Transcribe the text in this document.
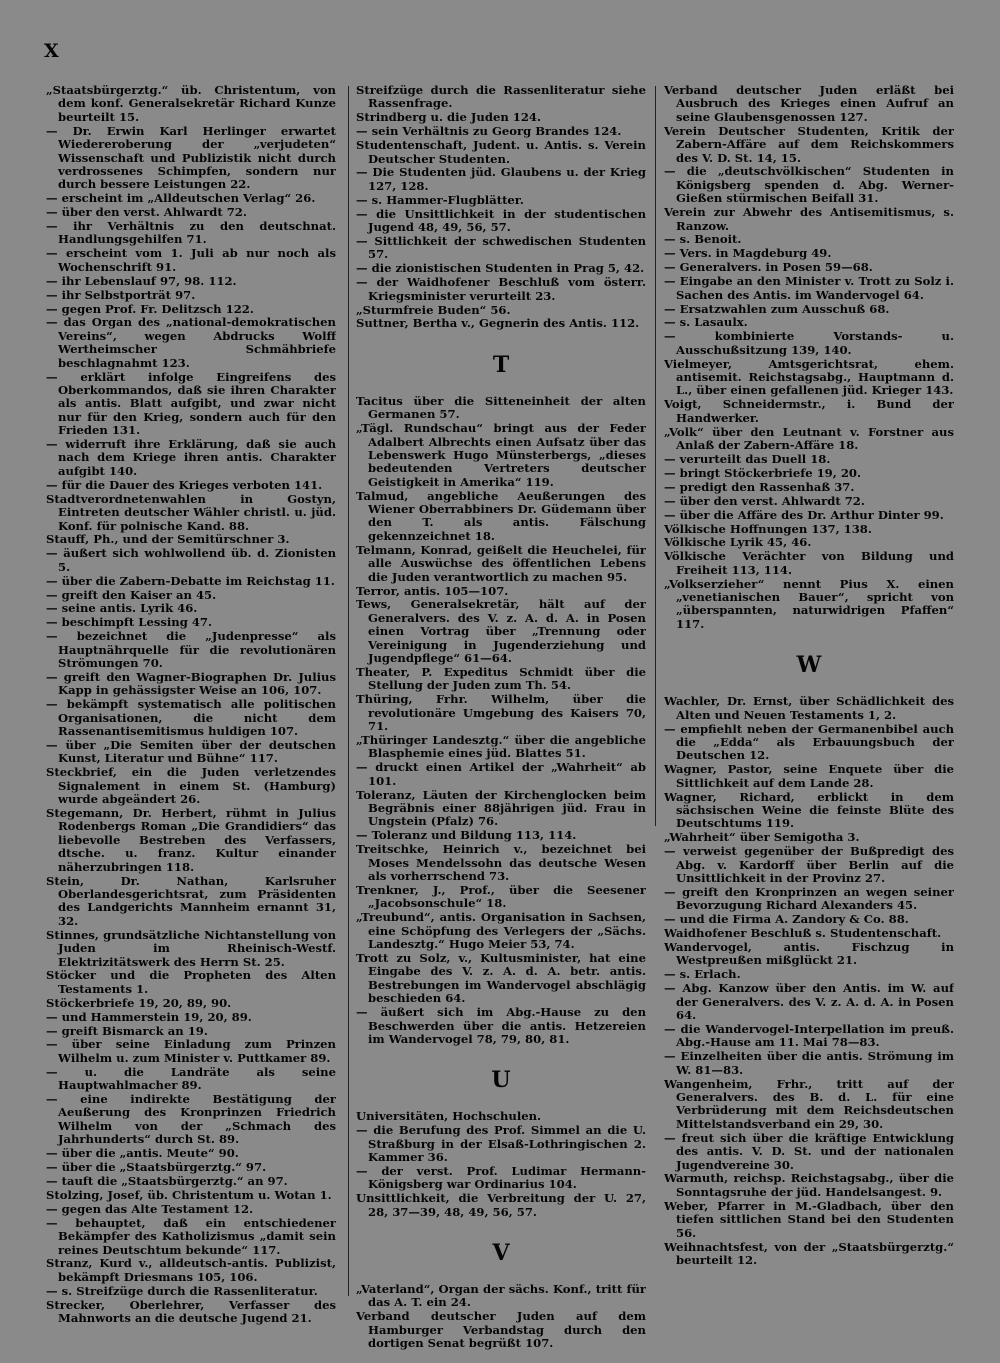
X

„Staatsbürgerztg.“ üb. Christentum, von dem konf. Generalsekretär Richard Kunze beurteilt 15.

— Dr. Erwin Karl Herlinger erwartet Wiedereroberung der „verjudeten“ Wissenschaft und Publizistik nicht durch verdrossenes Schimpfen, sondern nur durch bessere Leistungen 22.

— erscheint im „Alldeutschen Verlag“ 26.

— über den verst. Ahlwardt 72.

— ihr Verhältnis zu den deutschnat. Handlungsgehilfen 71.

— erscheint vom 1. Juli ab nur noch als Wochenschrift 91.

— ihr Lebenslauf 97, 98. 112.

— ihr Selbstporträt 97.

— gegen Prof. Fr. Delitzsch 122.

— das Organ des „national-demokratischen Vereins“, wegen Abdrucks Wolff Wertheimscher Schmähbriefe beschlagnahmt 123.

— erklärt infolge Eingreifens des Oberkommandos, daß sie ihren Charakter als antis. Blatt aufgibt, und zwar nicht nur für den Krieg, sondern auch für den Frieden 131.

— widerruft ihre Erklärung, daß sie auch nach dem Kriege ihren antis. Charakter aufgibt 140.

— für die Dauer des Krieges verboten 141.

Stadtverordnetenwahlen in Gostyn, Eintreten deutscher Wähler christl. u. jüd. Konf. für polnische Kand. 88.

Stauff, Ph., und der Semitürschner 3.

— äußert sich wohlwollend üb. d. Zionisten 5.

— über die Zabern-Debatte im Reichstag 11.

— greift den Kaiser an 45.

— seine antis. Lyrik 46.

— beschimpft Lessing 47.

— bezeichnet die „Judenpresse“ als Hauptnährquelle für die revolutionären Strömungen 70.

— greift den Wagner-Biographen Dr. Julius Kapp in gehässigster Weise an 106, 107.

— bekämpft systematisch alle politischen Organisationen, die nicht dem Rassenantisemitismus huldigen 107.

— über „Die Semiten über der deutschen Kunst, Literatur und Bühne“ 117.

Steckbrief, ein die Juden verletzendes Signalement in einem St. (Hamburg) wurde abgeändert 26.

Stegemann, Dr. Herbert, rühmt in Julius Rodenbergs Roman „Die Grandidiers“ das liebevolle Bestreben des Verfassers, dtsche. u. franz. Kultur einander näherzubringen 118.

Stein, Dr. Nathan, Karlsruher Oberlandesgerichtsrat, zum Präsidenten des Landgerichts Mannheim ernannt 31, 32.

Stinnes, grundsätzliche Nichtanstellung von Juden im Rheinisch-Westf. Elektrizitätswerk des Herrn St. 25.

Stöcker und die Propheten des Alten Testaments 1.

Stöckerbriefe 19, 20, 89, 90.

— und Hammerstein 19, 20, 89.

— greift Bismarck an 19.

— über seine Einladung zum Prinzen Wilhelm u. zum Minister v. Puttkamer 89.

— u. die Landräte als seine Hauptwahlmacher 89.

— eine indirekte Bestätigung der Aeußerung des Kronprinzen Friedrich Wilhelm von der „Schmach des Jahrhunderts“ durch St. 89.

— über die „antis. Meute“ 90.

— über die „Staatsbürgerztg.“ 97.

— tauft die „Staatsbürgerztg.“ an 97.

Stolzing, Josef, üb. Christentum u. Wotan 1.

— gegen das Alte Testament 12.

— behauptet, daß ein entschiedener Bekämpfer des Katholizismus „damit sein reines Deutschtum bekunde“ 117.

Stranz, Kurd v., alldeutsch-antis. Publizist, bekämpft Driesmans 105, 106.

— s. Streifzüge durch die Rassenliteratur.

Strecker, Oberlehrer, Verfasser des Mahnworts an die deutsche Jugend 21.

Streifzüge durch die Rassenliteratur siehe Rassenfrage.

Strindberg u. die Juden 124.

— sein Verhältnis zu Georg Brandes 124.

Studentenschaft, Judent. u. Antis. s. Verein Deutscher Studenten.

— Die Studenten jüd. Glaubens u. der Krieg 127, 128.

— s. Hammer-Flugblätter.

— die Unsittlichkeit in der studentischen Jugend 48, 49, 56, 57.

— Sittlichkeit der schwedischen Studenten 57.

— die zionistischen Studenten in Prag 5, 42.

— der Waidhofener Beschluß vom österr. Kriegsminister verurteilt 23.

„Sturmfreie Buden“ 56.

Suttner, Bertha v., Gegnerin des Antis. 112.

T

Tacitus über die Sitteneinheit der alten Germanen 57.

„Tägl. Rundschau“ bringt aus der Feder Adalbert Albrechts einen Aufsatz über das Lebenswerk Hugo Münsterbergs, „dieses bedeutenden Vertreters deutscher Geistigkeit in Amerika“ 119.

Talmud, angebliche Aeußerungen des Wiener Oberrabbiners Dr. Güdemann über den T. als antis. Fälschung gekennzeichnet 18.

Telmann, Konrad, geißelt die Heuchelei, für alle Auswüchse des öffentlichen Lebens die Juden verantwortlich zu machen 95.

Terror, antis. 105—107.

Tews, Generalsekretär, hält auf der Generalvers. des V. z. A. d. A. in Posen einen Vortrag über „Trennung oder Vereinigung in Jugenderziehung und Jugendpflege“ 61—64.

Theater, P. Expeditus Schmidt über die Stellung der Juden zum Th. 54.

Thüring, Frhr. Wilhelm, über die revolutionäre Umgebung des Kaisers 70, 71.

„Thüringer Landesztg.“ über die angebliche Blasphemie eines jüd. Blattes 51.

— druckt einen Artikel der „Wahrheit“ ab 101.

Toleranz, Läuten der Kirchenglocken beim Begräbnis einer 88jährigen jüd. Frau in Ungstein (Pfalz) 76.

— Toleranz und Bildung 113, 114.

Treitschke, Heinrich v., bezeichnet bei Moses Mendelssohn das deutsche Wesen als vorherrschend 73.

Trenkner, J., Prof., über die Seesener „Jacobsonschule“ 18.

„Treubund“, antis. Organisation in Sachsen, eine Schöpfung des Verlegers der „Sächs. Landesztg.“ Hugo Meier 53, 74.

Trott zu Solz, v., Kultusminister, hat eine Eingabe des V. z. A. d. A. betr. antis. Bestrebungen im Wandervogel abschlägig beschieden 64.

— äußert sich im Abg.-Hause zu den Beschwerden über die antis. Hetzereien im Wandervogel 78, 79, 80, 81.

U

Universitäten, Hochschulen.

— die Berufung des Prof. Simmel an die U. Straßburg in der Elsaß-Lothringischen 2. Kammer 36.

— der verst. Prof. Ludimar Hermann-Königsberg war Ordinarius 104.

Unsittlichkeit, die Verbreitung der U. 27, 28, 37—39, 48, 49, 56, 57.

V

„Vaterland“, Organ der sächs. Konf., tritt für das A. T. ein 24.

Verband deutscher Juden auf dem Hamburger Verbandstag durch den dortigen Senat begrüßt 107.

Verband deutscher Juden erläßt bei Ausbruch des Krieges einen Aufruf an seine Glaubensgenossen 127.

Verein Deutscher Studenten, Kritik der Zabern-Affäre auf dem Reichskommers des V. D. St. 14, 15.

— die „deutschvölkischen“ Studenten in Königsberg spenden d. Abg. Werner-Gießen stürmischen Beifall 31.

Verein zur Abwehr des Antisemitismus, s. Ranzow.

— s. Benoit.

— Vers. in Magdeburg 49.

— Generalvers. in Posen 59—68.

— Eingabe an den Minister v. Trott zu Solz i. Sachen des Antis. im Wandervogel 64.

— Ersatzwahlen zum Ausschuß 68.

— s. Lasaulx.

— kombinierte Vorstands- u. Ausschußsitzung 139, 140.

Vielmeyer, Amtsgerichtsrat, ehem. antisemit. Reichstagsabg., Hauptmann d. L., über einen gefallenen jüd. Krieger 143.

Voigt, Schneidermstr., i. Bund der Handwerker.

„Volk“ über den Leutnant v. Forstner aus Anlaß der Zabern-Affäre 18.

— verurteilt das Duell 18.

— bringt Stöckerbriefe 19, 20.

— predigt den Rassenhaß 37.

— über den verst. Ahlwardt 72.

— über die Affäre des Dr. Arthur Dinter 99.

Völkische Hoffnungen 137, 138.

Völkische Lyrik 45, 46.

Völkische Verächter von Bildung und Freiheit 113, 114.

„Volkserzieher“ nennt Pius X. einen „venetianischen Bauer“, spricht von „überspannten, naturwidrigen Pfaffen“ 117.

W

Wachler, Dr. Ernst, über Schädlichkeit des Alten und Neuen Testaments 1, 2.

— empfiehlt neben der Germanenbibel auch die „Edda“ als Erbauungsbuch der Deutschen 12.

Wagner, Pastor, seine Enquete über die Sittlichkeit auf dem Lande 28.

Wagner, Richard, erblickt in dem sächsischen Weine die feinste Blüte des Deutschtums 119.

„Wahrheit“ über Semigotha 3.

— verweist gegenüber der Bußpredigt des Abg. v. Kardorff über Berlin auf die Unsittlichkeit in der Provinz 27.

— greift den Kronprinzen an wegen seiner Bevorzugung Richard Alexanders 45.

— und die Firma A. Zandory & Co. 88.

Waidhofener Beschluß s. Studentenschaft.

Wandervogel, antis. Fischzug in Westpreußen mißglückt 21.

— s. Erlach.

— Abg. Kanzow über den Antis. im W. auf der Generalvers. des V. z. A. d. A. in Posen 64.

— die Wandervogel-Interpellation im preuß. Abg.-Hause am 11. Mai 78—83.

— Einzelheiten über die antis. Strömung im W. 81—83.

Wangenheim, Frhr., tritt auf der Generalvers. des B. d. L. für eine Verbrüderung mit dem Reichsdeutschen Mittelstandsverband ein 29, 30.

— freut sich über die kräftige Entwicklung des antis. V. D. St. und der nationalen Jugendvereine 30.

Warmuth, reichsp. Reichstagsabg., über die Sonntagsruhe der jüd. Handelsangest. 9.

Weber, Pfarrer in M.-Gladbach, über den tiefen sittlichen Stand bei den Studenten 56.

Weihnachtsfest, von der „Staatsbürgerztg.“ beurteilt 12.
